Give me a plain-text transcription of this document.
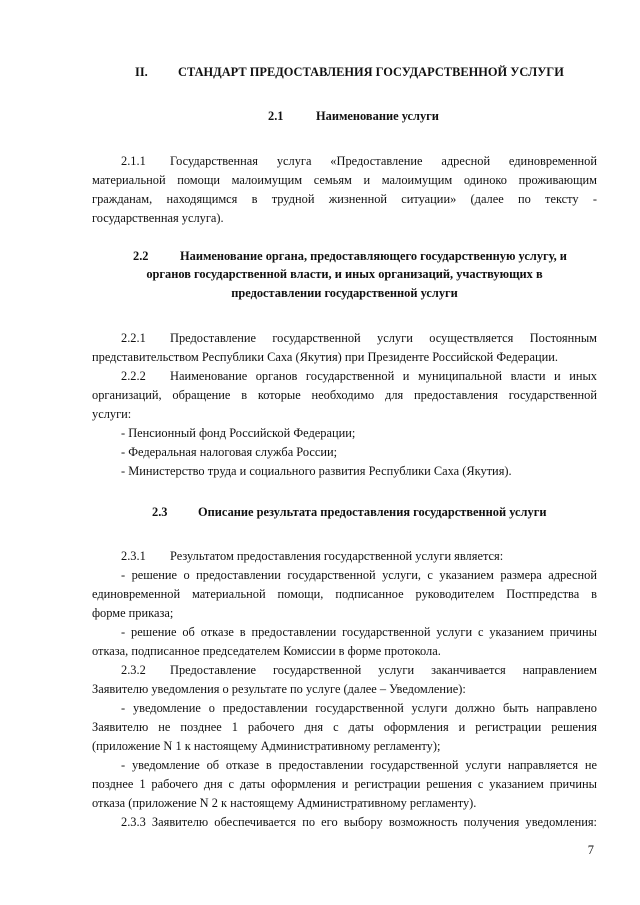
II. СТАНДАРТ ПРЕДОСТАВЛЕНИЯ ГОСУДАРСТВЕННОЙ УСЛУГИ
2.1	Наименование услуги
2.1.1 Государственная услуга «Предоставление адресной единовременной
материальной помощи малоимущим семьям и малоимущим одиноко проживающим
гражданам, находящимся в трудной жизненной ситуации» (далее по тексту -
государственная услуга).
2.2	Наименование органа, предоставляющего государственную услугу, и
органов государственной власти, и иных организаций, участвующих в
предоставлении государственной услуги
2.2.1 Предоставление государственной услуги осуществляется Постоянным
представительством Республики Саха (Якутия) при Президенте Российской Федерации.
2.2.2 Наименование органов государственной и муниципальной власти и иных
организаций, обращение в которые необходимо для предоставления государственной
услуги:
- Пенсионный фонд Российской Федерации;
- Федеральная налоговая служба России;
- Министерство труда и социального развития Республики Саха (Якутия).
2.3 Описание результата предоставления государственной услуги
2.3.1 Результатом предоставления государственной услуги является:
- решение о предоставлении государственной услуги, с указанием размера адресной
единовременной материальной помощи, подписанное руководителем Постпредства в
форме приказа;
- решение об отказе в предоставлении государственной услуги с указанием причины
отказа, подписанное председателем Комиссии в форме протокола.
2.3.2 Предоставление государственной услуги заканчивается направлением
Заявителю уведомления о результате по услуге (далее – Уведомление):
- уведомление о предоставлении государственной услуги должно быть направлено
Заявителю не позднее 1 рабочего дня с даты оформления и регистрации решения
(приложение N 1 к настоящему Административному регламенту);
- уведомление об отказе в предоставлении государственной услуги направляется не
позднее 1 рабочего дня с даты оформления и регистрации решения с указанием причины
отказа (приложение N 2 к настоящему Административному регламенту).
2.3.3 Заявителю обеспечивается по его выбору возможность получения уведомления:
7
